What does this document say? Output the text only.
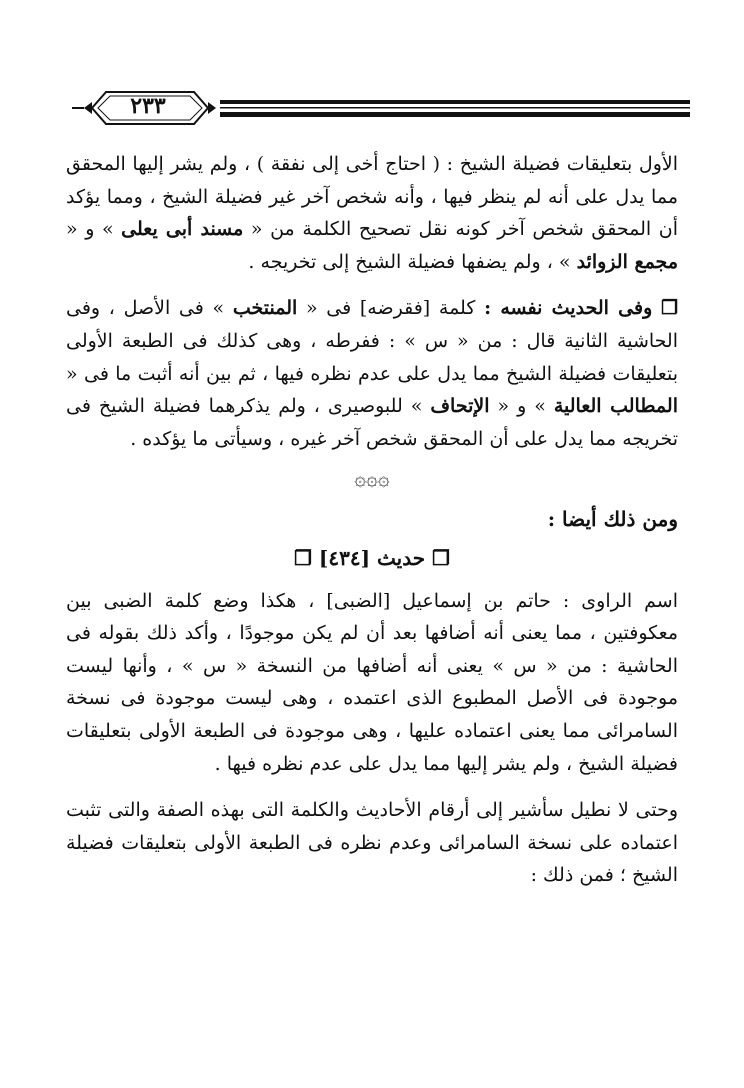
٢٣٣

الأول بتعليقات فضيلة الشيخ : ( احتاج أخى إلى نفقة ) ، ولم يشر إليها المحقق مما يدل على أنه لم ينظر فيها ، وأنه شخص آخر غير فضيلة الشيخ ، ومما يؤكد أن المحقق شخص آخر كونه نقل تصحيح الكلمة من « مسند أبى يعلى » و « مجمع الزوائد » ، ولم يضفها فضيلة الشيخ إلى تخريجه .

❐ وفى الحديث نفسه : كلمة [فقرضه] فى « المنتخب » فى الأصل ، وفى الحاشية الثانية قال : من « س » : ففرطه ، وهى كذلك فى الطبعة الأولى بتعليقات فضيلة الشيخ مما يدل على عدم نظره فيها ، ثم بين أنه أثبت ما فى « المطالب العالية » و « الإتحاف » للبوصيرى ، ولم يذكرهما فضيلة الشيخ فى تخريجه مما يدل على أن المحقق شخص آخر غيره ، وسيأتى ما يؤكده .

۞۞۞

ومن ذلك أيضا :

❐ حديث [٤٣٤] ❐

اسم الراوى : حاتم بن إسماعيل [الضبى] ، هكذا وضع كلمة الضبى بين معكوفتين ، مما يعنى أنه أضافها بعد أن لم يكن موجودًا ، وأكد ذلك بقوله فى الحاشية : من « س » يعنى أنه أضافها من النسخة « س » ، وأنها ليست موجودة فى الأصل المطبوع الذى اعتمده ، وهى ليست موجودة فى نسخة السامرائى مما يعنى اعتماده عليها ، وهى موجودة فى الطبعة الأولى بتعليقات فضيلة الشيخ ، ولم يشر إليها مما يدل على عدم نظره فيها .

وحتى لا نطيل سأشير إلى أرقام الأحاديث والكلمة التى بهذه الصفة والتى تثبت اعتماده على نسخة السامرائى وعدم نظره فى الطبعة الأولى بتعليقات فضيلة الشيخ ؛ فمن ذلك :
